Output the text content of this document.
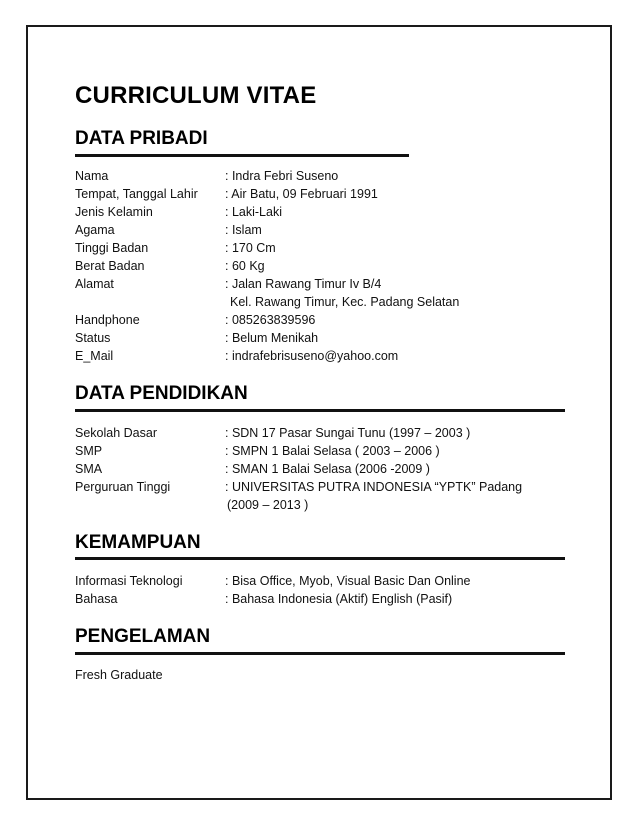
CURRICULUM VITAE
DATA PRIBADI
Nama	: Indra Febri Suseno
Tempat, Tanggal Lahir : Air Batu, 09 Februari 1991
Jenis Kelamin	: Laki-Laki
Agama	: Islam
Tinggi Badan	: 170 Cm
Berat Badan	: 60 Kg
Alamat	: Jalan Rawang Timur Iv B/4
Kel. Rawang Timur, Kec. Padang Selatan
Handphone	: 085263839596
Status	: Belum Menikah
E_Mail	: indrafebrisuseno@yahoo.com
DATA PENDIDIKAN
Sekolah Dasar	: SDN 17 Pasar Sungai Tunu (1997 – 2003 )
SMP	: SMPN 1 Balai Selasa ( 2003 – 2006 )
SMA	: SMAN 1 Balai Selasa (2006 -2009 )
Perguruan Tinggi	: UNIVERSITAS PUTRA INDONESIA “YPTK” Padang
(2009 – 2013 )
KEMAMPUAN
Informasi Teknologi	: Bisa Office, Myob, Visual Basic Dan Online
Bahasa	: Bahasa Indonesia (Aktif) English (Pasif)
PENGELAMAN
Fresh Graduate
